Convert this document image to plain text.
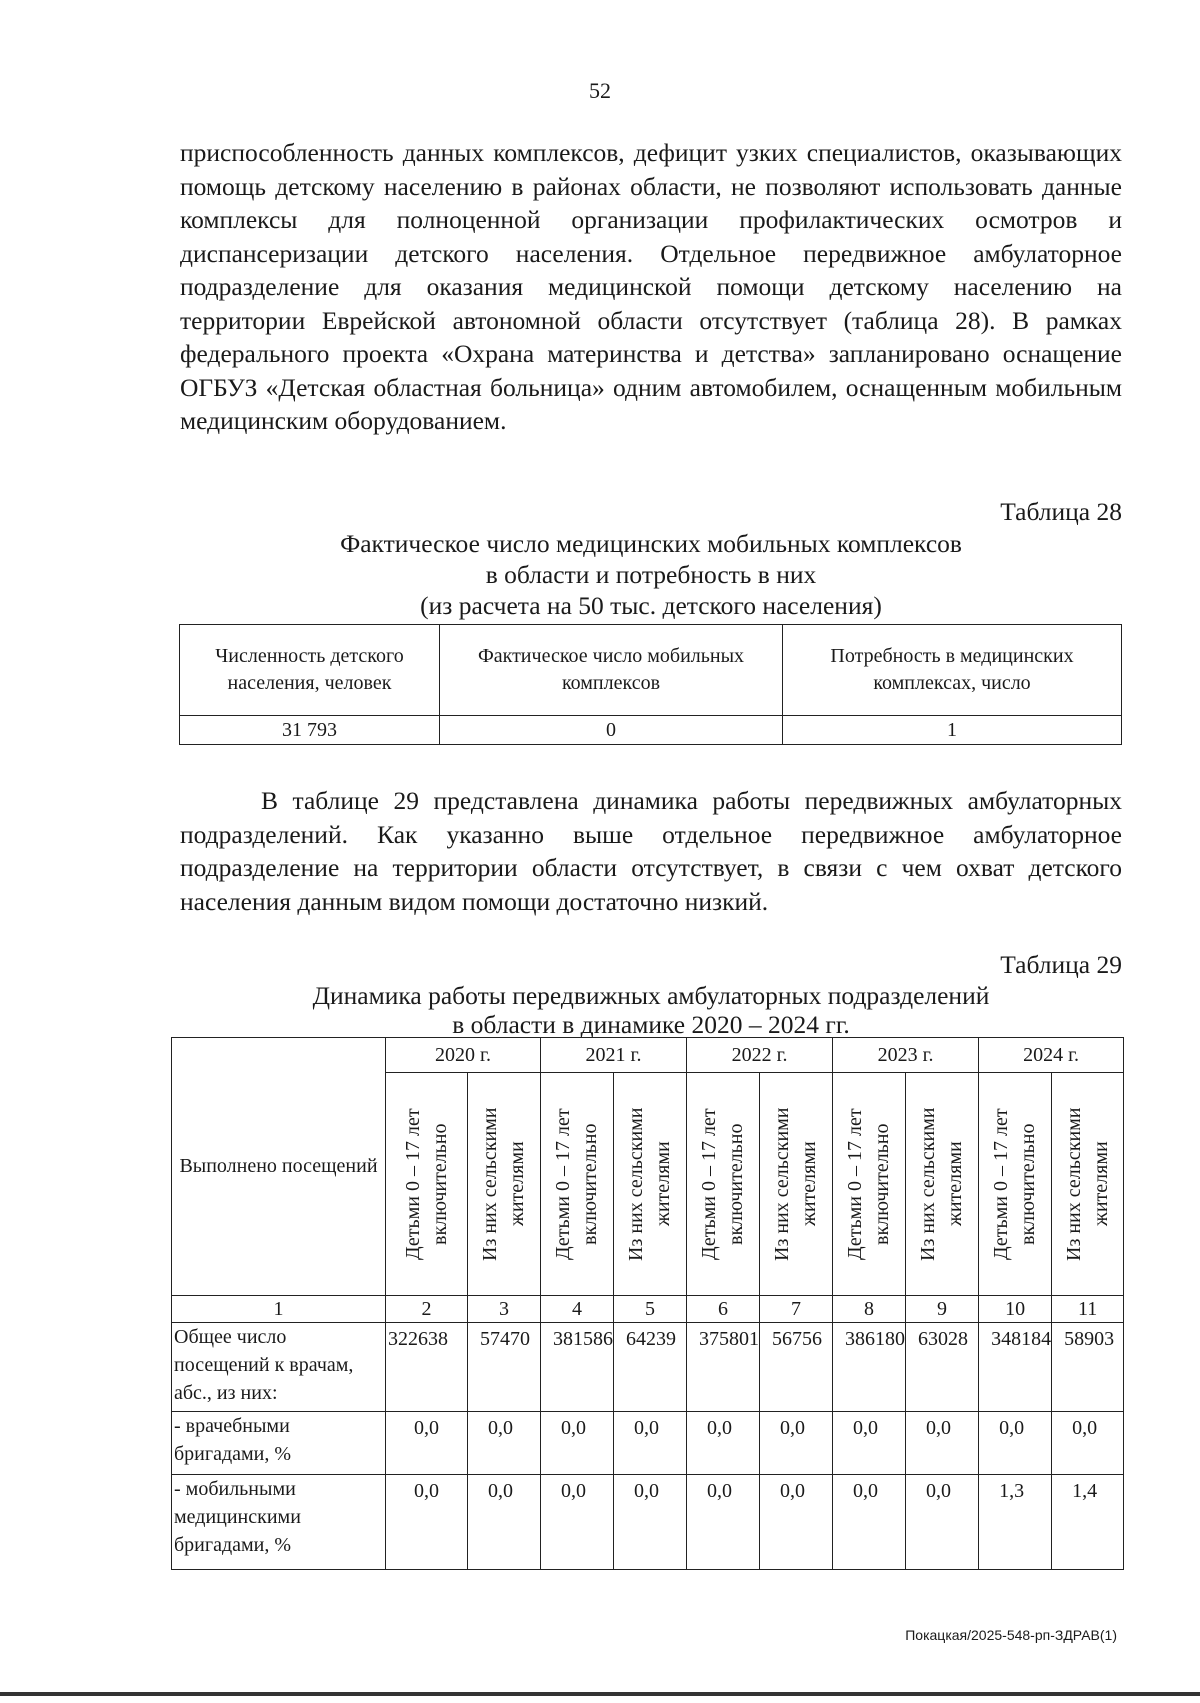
52

приспособленность данных комплексов, дефицит узких специалистов, оказывающих помощь детскому населению в районах области, не позволяют использовать данные комплексы для полноценной организации профилактических осмотров и диспансеризации детского населения. Отдельное передвижное амбулаторное подразделение для оказания медицинской помощи детскому населению на территории Еврейской автономной области отсутствует (таблица 28). В рамках федерального проекта «Охрана материнства и детства» запланировано оснащение ОГБУЗ «Детская областная больница» одним автомобилем, оснащенным мобильным медицинским оборудованием.

Таблица 28

Фактическое число медицинских мобильных комплексов

в области и потребность в них

(из расчета на 50 тыс. детского населения)

Численность детского населения, человек	Фактическое число мобильных комплексов	Потребность в медицинских комплексах, число
31 793	0	1

В таблице 29 представлена динамика работы передвижных амбулаторных подразделений. Как указанно выше отдельное передвижное амбулаторное подразделение на территории области отсутствует, в связи с чем охват детского населения данным видом помощи достаточно низкий.

Таблица 29

Динамика работы передвижных амбулаторных подразделений

в области в динамике 2020 – 2024 гг.

Выполнено посещений	2020 г.		2021 г.		2022 г.		2023 г.		2024 г.	

	Детьми 0 – 17 лет включительно	Из них сельскими жителями	Детьми 0 – 17 лет включительно	Из них сельскими жителями	Детьми 0 – 17 лет включительно	Из них сельскими жителями	Детьми 0 – 17 лет включительно	Из них сельскими жителями	Детьми 0 – 17 лет включительно	Из них сельскими жителями

1	2	3	4	5	6	7	8	9	10	11
Общее число посещений к врачам, абс., из них:	322638	57470	381586	64239	375801	56756	386180	63028	348184	58903
- врачебными бригадами, %	0,0	0,0	0,0	0,0	0,0	0,0	0,0	0,0	0,0	0,0
- мобильными медицинскими бригадами, %	0,0	0,0	0,0	0,0	0,0	0,0	0,0	0,0	1,3	1,4
Покацкая/2025-548-рп-ЗДРАВ(1)
